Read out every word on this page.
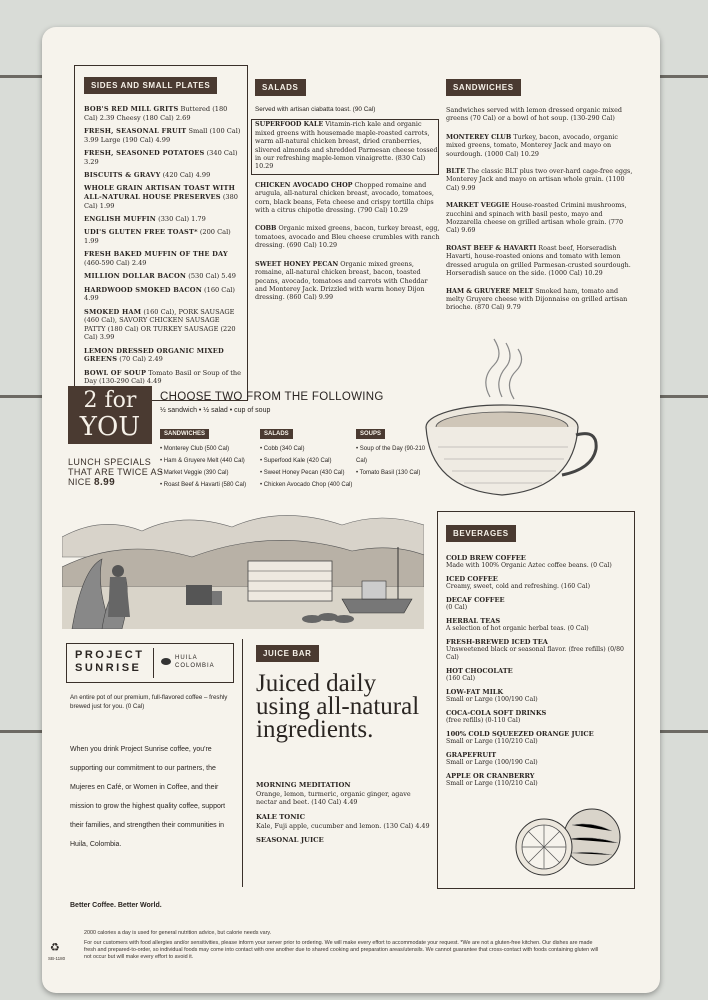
SIDES AND SMALL PLATES
BOB'S RED MILL GRITS Buttered (180 Cal) 2.39 Cheesy (180 Cal) 2.69
FRESH, SEASONAL FRUIT Small (100 Cal) 3.99 Large (190 Cal) 4.99
FRESH, SEASONED POTATOES (340 Cal) 3.29
BISCUITS & GRAVY (420 Cal) 4.99
WHOLE GRAIN ARTISAN TOAST WITH ALL-NATURAL HOUSE PRESERVES (380 Cal) 1.99
ENGLISH MUFFIN (330 Cal) 1.79
UDI'S GLUTEN FREE TOAST* (200 Cal) 1.99
FRESH BAKED MUFFIN OF THE DAY (460-590 Cal) 2.49
MILLION DOLLAR BACON (530 Cal) 5.49
HARDWOOD SMOKED BACON (160 Cal) 4.99
SMOKED HAM (160 Cal), PORK SAUSAGE (460 Cal), SAVORY CHICKEN SAUSAGE PATTY (180 Cal) OR TURKEY SAUSAGE (220 Cal) 3.99
LEMON DRESSED ORGANIC MIXED GREENS (70 Cal) 2.49
BOWL OF SOUP Tomato Basil or Soup of the Day (130-290 Cal) 4.49
SALADS
Served with artisan ciabatta toast. (90 Cal)
SUPERFOOD KALE Vitamin-rich kale and organic mixed greens with housemade maple-roasted carrots, warm all-natural chicken breast, dried cranberries, slivered almonds and shredded Parmesan cheese tossed in our refreshing maple-lemon vinaigrette. (830 Cal) 10.29
CHICKEN AVOCADO CHOP Chopped romaine and arugula, all-natural chicken breast, avocado, tomatoes, corn, black beans, Feta cheese and crispy tortilla chips with a citrus chipotle dressing. (790 Cal) 10.29
COBB Organic mixed greens, bacon, turkey breast, egg, tomatoes, avocado and Bleu cheese crumbles with ranch dressing. (690 Cal) 10.29
SWEET HONEY PECAN Organic mixed greens, romaine, all-natural chicken breast, bacon, toasted pecans, avocado, tomatoes and carrots with Cheddar and Monterey Jack. Drizzled with warm honey Dijon dressing. (860 Cal) 9.99
SANDWICHES
Sandwiches served with lemon dressed organic mixed greens (70 Cal) or a bowl of hot soup. (130-290 Cal)
MONTEREY CLUB Turkey, bacon, avocado, organic mixed greens, tomato, Monterey Jack and mayo on sourdough. (1000 Cal) 10.29
BLTE The classic BLT plus two over-hard cage-free eggs, Monterey Jack and mayo on artisan whole grain. (1100 Cal) 9.99
MARKET VEGGIE House-roasted Crimini mushrooms, zucchini and spinach with basil pesto, mayo and Mozzarella cheese on grilled artisan whole grain. (770 Cal) 9.69
ROAST BEEF & HAVARTI Roast beef, Horseradish Havarti, house-roasted onions and tomato with lemon dressed arugula on grilled Parmesan-crusted sourdough. Horseradish sauce on the side. (1000 Cal) 10.29
HAM & GRUYERE MELT Smoked ham, tomato and melty Gruyere cheese with Dijonnaise on grilled artisan brioche. (870 Cal) 9.79
2 for
YOU
LUNCH SPECIALS THAT ARE TWICE AS NICE 8.99
CHOOSE TWO FROM THE FOLLOWING
½ sandwich • ½ salad • cup of soup
SANDWICHES
• Monterey Club (500 Cal)
• Ham & Gruyere Melt (440 Cal)
• Market Veggie (390 Cal)
• Roast Beef & Havarti (580 Cal)
SALADS
• Cobb (340 Cal)
• Superfood Kale (420 Cal)
• Sweet Honey Pecan (430 Cal)
• Chicken Avocado Chop (400 Cal)
SOUPS
• Soup of the Day (90-210 Cal)
• Tomato Basil (130 Cal)
BEVERAGES
COLD BREW COFFEE
Made with 100% Organic Aztec coffee beans. (0 Cal)
ICED COFFEE
Creamy, sweet, cold and refreshing. (160 Cal)
DECAF COFFEE
(0 Cal)
HERBAL TEAS
A selection of hot organic herbal teas. (0 Cal)
FRESH-BREWED ICED TEA
Unsweetened black or seasonal flavor. (free refills) (0/80 Cal)
HOT CHOCOLATE
(160 Cal)
LOW-FAT MILK
Small or Large (100/190 Cal)
COCA-COLA SOFT DRINKS
(free refills) (0-110 Cal)
100% COLD SQUEEZED ORANGE JUICE
Small or Large (110/210 Cal)
GRAPEFRUIT
Small or Large (100/190 Cal)
APPLE OR CRANBERRY
Small or Large (110/210 Cal)
PROJECT
SUNRISE
HUILA
COLOMBIA
An entire pot of our premium, full-flavored coffee – freshly brewed just for you. (0 Cal)
When you drink Project Sunrise coffee, you're supporting our commitment to our partners, the Mujeres en Café, or Women in Coffee, and their mission to grow the highest quality coffee, support their families, and strengthen their communities in Huila, Colombia.
Better Coffee. Better World.
JUICE BAR
Juiced daily using all-natural ingredients.
MORNING MEDITATION
Orange, lemon, turmeric, organic ginger, agave nectar and beet. (140 Cal) 4.49
KALE TONIC
Kale, Fuji apple, cucumber and lemon. (130 Cal) 4.49
SEASONAL JUICE
2000 calories a day is used for general nutrition advice, but calorie needs vary.
For our customers with food allergies and/or sensitivities, please inform your server prior to ordering. We will make every effort to accommodate your request. *We are not a gluten-free kitchen. Our dishes are made fresh and prepared-to-order, so individual foods may come into contact with one another due to shared cooking and preparation areas/utensils. We cannot guarantee that cross-contact with foods containing gluten will not occur but will make every effort to avoid it.
♻
SB-1180
